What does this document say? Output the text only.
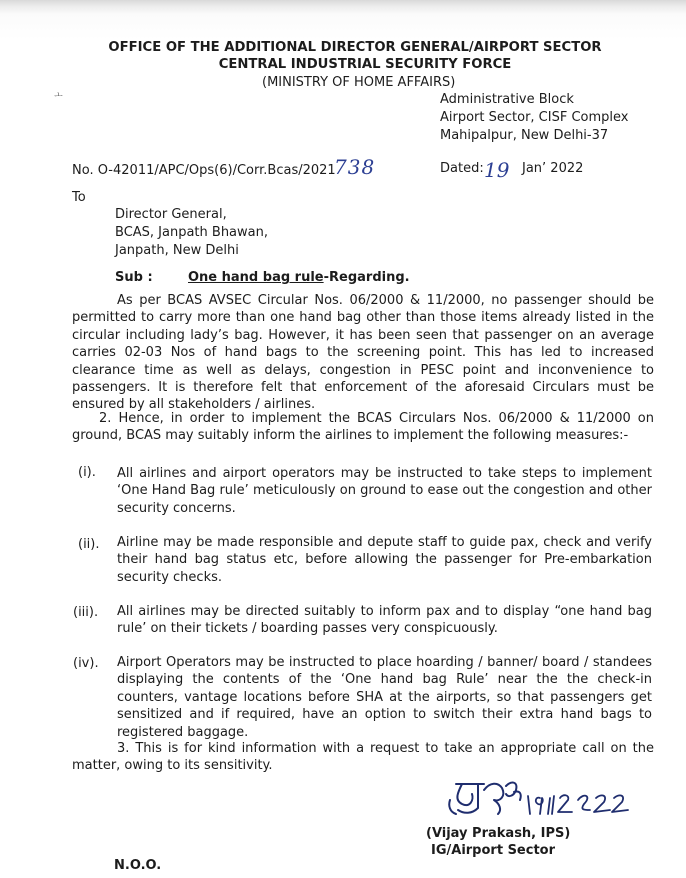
OFFICE OF THE ADDITIONAL DIRECTOR GENERAL/AIRPORT SECTOR
CENTRAL INDUSTRIAL SECURITY FORCE
(MINISTRY OF HOME AFFAIRS)
ㅗ	Administrative Block
Airport Sector, CISF Complex
Mahipalpur, New Delhi-37
No. O-42011/APC/Ops(6)/Corr.Bcas/2021
738	Dated: 19 Jan’ 2022
To
Director General,
BCAS, Janpath Bhawan,
Janpath, New Delhi
Sub :	One hand bag rule-Regarding.

As per BCAS AVSEC Circular Nos. 06/2000 & 11/2000, no passenger should be permitted to carry more than one hand bag other than those items already listed in the circular including lady’s bag. However, it has been seen that passenger on an average carries 02-03 Nos of hand bags to the screening point. This has led to increased clearance time as well as delays, congestion in PESC point and inconvenience to passengers. It is therefore felt that enforcement of the aforesaid Circulars must be ensured by all stakeholders / airlines.

2. Hence, in order to implement the BCAS Circulars Nos. 06/2000 & 11/2000 on ground, BCAS may suitably inform the airlines to implement the following measures:-

(i). All airlines and airport operators may be instructed to take steps to implement ‘One Hand Bag rule’ meticulously on ground to ease out the congestion and other security concerns.

(ii). Airline may be made responsible and depute staff to guide pax, check and verify their hand bag status etc, before allowing the passenger for Pre-embarkation security checks.

(iii). All airlines may be directed suitably to inform pax and to display “one hand bag rule’ on their tickets / boarding passes very conspicuously.

(iv). Airport Operators may be instructed to place hoarding / banner/ board / standees displaying the contents of the ‘One hand bag Rule’ near the the check-in counters, vantage locations before SHA at the airports, so that passengers get sensitized and if required, have an option to switch their extra hand bags to registered baggage.

3. This is for kind information with a request to take an appropriate call on the matter, owing to its sensitivity.

(Vijay Prakash, IPS)
IG/Airport Sector
N.O.O.
